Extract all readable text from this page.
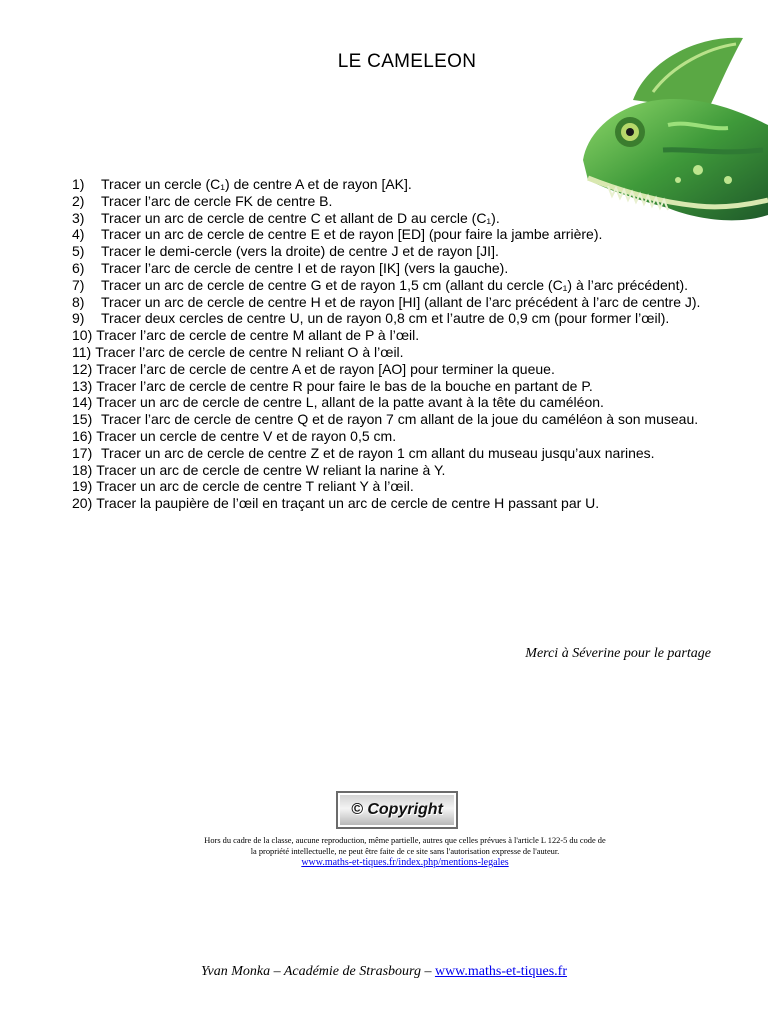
LE CAMELEON
1) Tracer un cercle (C₁) de centre A et de rayon [AK].
2) Tracer l’arc de cercle FK de centre B.
3) Tracer un arc de cercle de centre C et allant de D au cercle (C₁).
4) Tracer un arc de cercle de centre E et de rayon [ED] (pour faire la jambe arrière).
5) Tracer le demi-cercle (vers la droite) de centre J et de rayon [JI].
6) Tracer l’arc de cercle de centre I et de rayon [IK] (vers la gauche).
7) Tracer un arc de cercle de centre G et de rayon 1,5 cm (allant du cercle (C₁) à l’arc précédent).
8) Tracer un arc de cercle de centre H et de rayon [HI] (allant de l’arc précédent à l’arc de centre J).
9) Tracer deux cercles de centre U, un de rayon 0,8 cm et l’autre de 0,9 cm (pour former l’œil).
10) Tracer l’arc de cercle de centre M allant de P à l’œil.
11) Tracer l’arc de cercle de centre N reliant O à l’œil.
12) Tracer l’arc de cercle de centre A et de rayon [AO] pour terminer la queue.
13) Tracer l’arc de cercle de centre R pour faire le bas de la bouche en partant de P.
14) Tracer un arc de cercle de centre L, allant de la patte avant à la tête du caméléon.
15) Tracer l’arc de cercle de centre Q et de rayon 7 cm allant de la joue du caméléon à son museau.
16) Tracer un cercle de centre V et de rayon 0,5 cm.
17) Tracer un arc de cercle de centre Z et de rayon 1 cm allant du museau jusqu’aux narines.
18) Tracer un arc de cercle de centre W reliant la narine à Y.
19) Tracer un arc de cercle de centre T reliant Y à l’œil.
20) Tracer la paupière de l’œil en traçant un arc de cercle de centre H passant par U.
Merci à Séverine pour le partage
© Copyright
Hors du cadre de la classe, aucune reproduction, même partielle, autres que celles prévues à l'article L 122-5 du code de
la propriété intellectuelle, ne peut être faite de ce site sans l'autorisation expresse de l'auteur.
www.maths-et-tiques.fr/index.php/mentions-legales
Yvan Monka – Académie de Strasbourg – www.maths-et-tiques.fr
